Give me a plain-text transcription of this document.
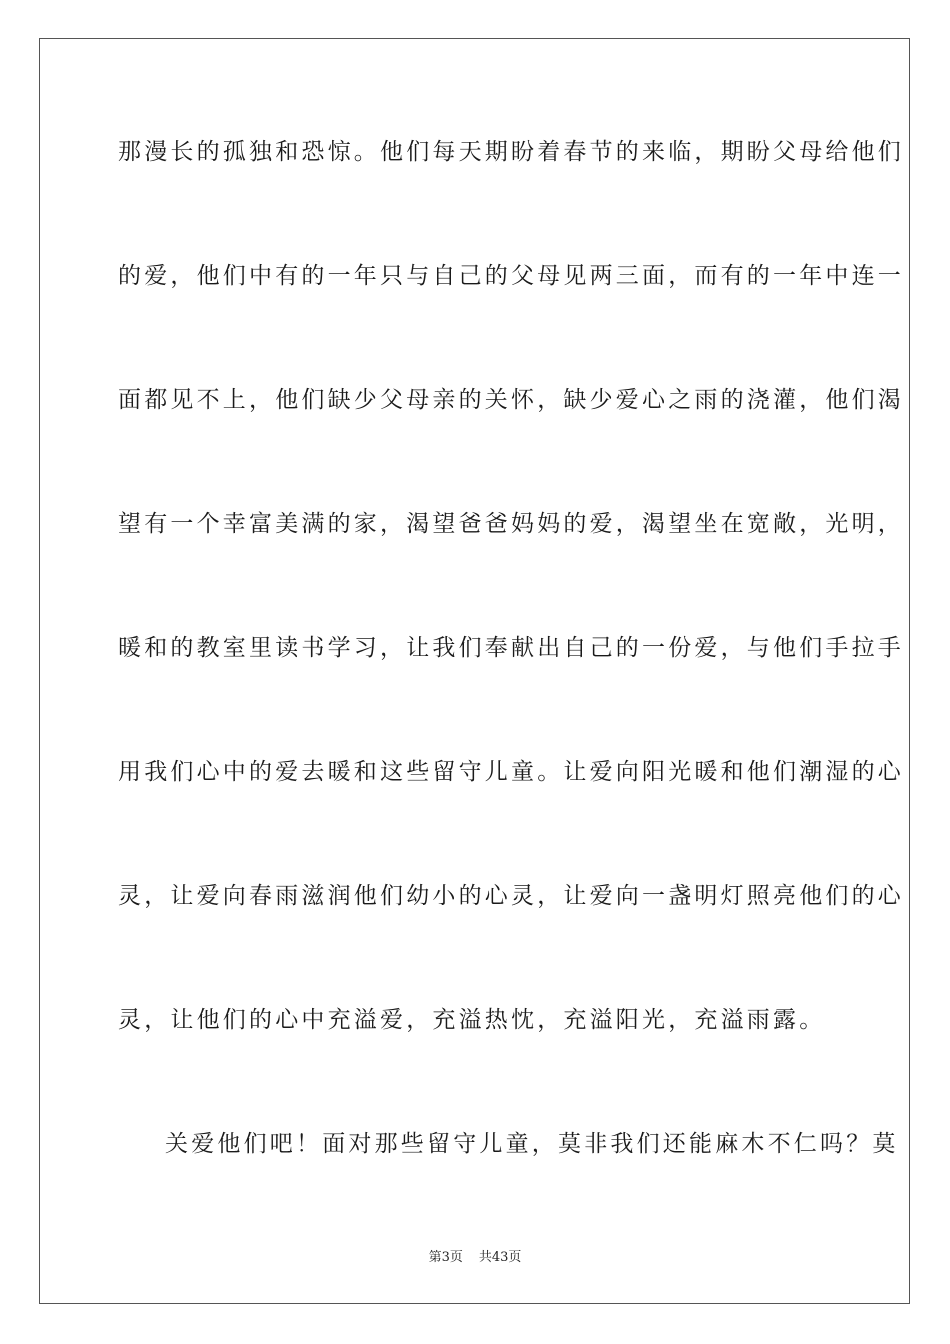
那漫长的孤独和恐惊。他们每天期盼着春节的来临，期盼父母给他们
的爱，他们中有的一年只与自己的父母见两三面，而有的一年中连一
面都见不上，他们缺少父母亲的关怀，缺少爱心之雨的浇灌，他们渴
望有一个幸富美满的家，渴望爸爸妈妈的爱，渴望坐在宽敞，光明，
暖和的教室里读书学习，让我们奉献出自己的一份爱，与他们手拉手
用我们心中的爱去暖和这些留守儿童。让爱向阳光暖和他们潮湿的心
灵，让爱向春雨滋润他们幼小的心灵，让爱向一盏明灯照亮他们的心
灵，让他们的心中充溢爱，充溢热忱，充溢阳光，充溢雨露。
关爱他们吧！面对那些留守儿童，莫非我们还能麻木不仁吗？莫
第3页 共43页
